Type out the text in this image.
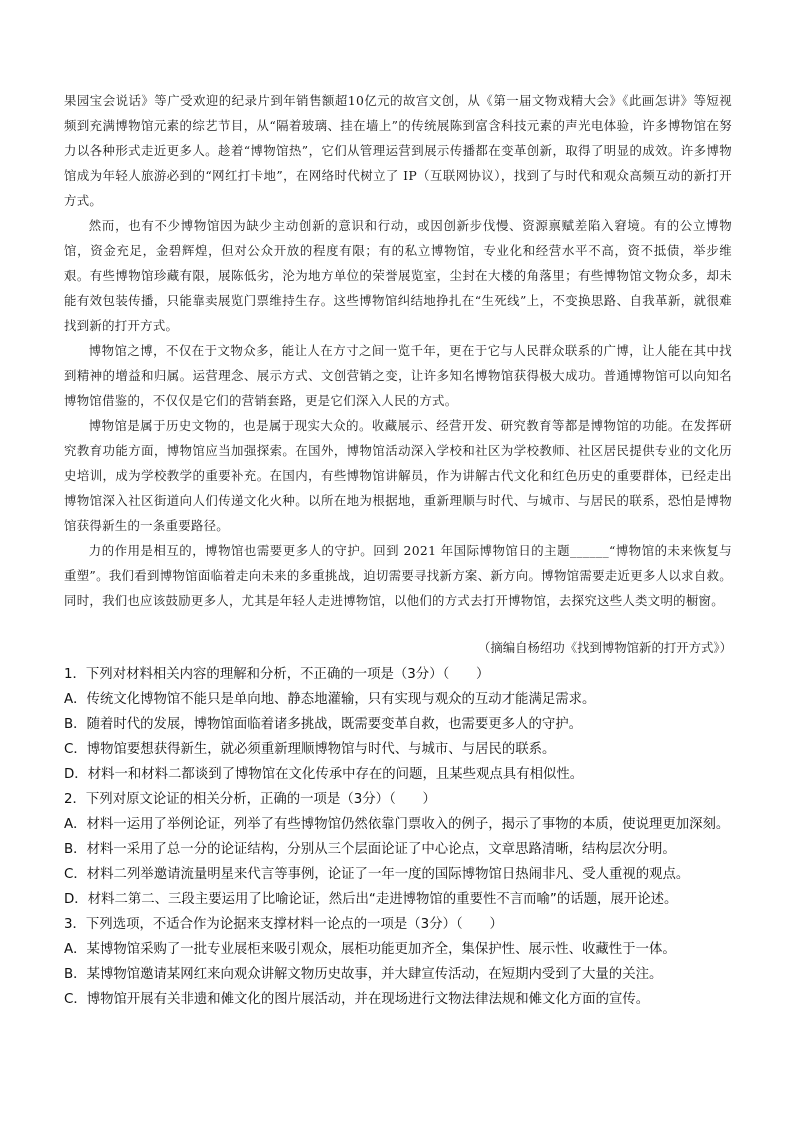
果园宝会说话》等广受欢迎的纪录片到年销售额超10亿元的故宫文创，从《第一届文物戏精大会》《此画怎讲》等短视频到充满博物馆元素的综艺节目，从“隔着玻璃、挂在墙上”的传统展陈到富含科技元素的声光电体验，许多博物馆在努力以各种形式走近更多人。趁着“博物馆热”，它们从管理运营到展示传播都在变革创新，取得了明显的成效。许多博物馆成为年轻人旅游必到的“网红打卡地”，在网络时代树立了 IP（互联网协议），找到了与时代和观众高频互动的新打开方式。

然而，也有不少博物馆因为缺少主动创新的意识和行动，或因创新步伐慢、资源禀赋差陷入窘境。有的公立博物馆，资金充足，金碧辉煌，但对公众开放的程度有限；有的私立博物馆，专业化和经营水平不高，资不抵债，举步维艰。有些博物馆珍藏有限，展陈低劣，沦为地方单位的荣誉展览室，尘封在大楼的角落里；有些博物馆文物众多，却未能有效包装传播，只能靠卖展览门票维持生存。这些博物馆纠结地挣扎在“生死线”上，不变换思路、自我革新，就很难找到新的打开方式。

博物馆之博，不仅在于文物众多，能让人在方寸之间一览千年，更在于它与人民群众联系的广博，让人能在其中找到精神的增益和归属。运营理念、展示方式、文创营销之变，让许多知名博物馆获得极大成功。普通博物馆可以向知名博物馆借鉴的，不仅仅是它们的营销套路，更是它们深入人民的方式。

博物馆是属于历史文物的，也是属于现实大众的。收藏展示、经营开发、研究教育等都是博物馆的功能。在发挥研究教育功能方面，博物馆应当加强探索。在国外，博物馆活动深入学校和社区为学校教师、社区居民提供专业的文化历史培训，成为学校教学的重要补充。在国内，有些博物馆讲解员，作为讲解古代文化和红色历史的重要群体，已经走出博物馆深入社区街道向人们传递文化火种。以所在地为根据地，重新理顺与时代、与城市、与居民的联系，恐怕是博物馆获得新生的一条重要路径。

力的作用是相互的，博物馆也需要更多人的守护。回到 2021 年国际博物馆日的主题______“博物馆的未来恢复与重塑”。我们看到博物馆面临着走向未来的多重挑战，迫切需要寻找新方案、新方向。博物馆需要走近更多人以求自救。同时，我们也应该鼓励更多人，尤其是年轻人走进博物馆，以他们的方式去打开博物馆，去探究这些人类文明的橱窗。

（摘编自杨绍功《找到博物馆新的打开方式》）

1．下列对材料相关内容的理解和分析，不正确的一项是（3分）（　　）

A．传统文化博物馆不能只是单向地、静态地灌输，只有实现与观众的互动才能满足需求。

B．随着时代的发展，博物馆面临着诸多挑战，既需要变革自救，也需要更多人的守护。

C．博物馆要想获得新生，就必须重新理顺博物馆与时代、与城市、与居民的联系。

D．材料一和材料二都谈到了博物馆在文化传承中存在的问题，且某些观点具有相似性。

2．下列对原文论证的相关分析，正确的一项是（3分）（　　）

A．材料一运用了举例论证，列举了有些博物馆仍然依靠门票收入的例子，揭示了事物的本质，使说理更加深刻。

B．材料一采用了总一分的论证结构，分别从三个层面论证了中心论点，文章思路清晰，结构层次分明。

C．材料二列举邀请流量明星来代言等事例，论证了一年一度的国际博物馆日热闹非凡、受人重视的观点。

D．材料二第二、三段主要运用了比喻论证，然后出“走进博物馆的重要性不言而喻”的话题，展开论述。

3．下列选项，不适合作为论据来支撑材料一论点的一项是（3分）（　　）

A．某博物馆采购了一批专业展柜来吸引观众，展柜功能更加齐全，集保护性、展示性、收藏性于一体。

B．某博物馆邀请某网红来向观众讲解文物历史故事，并大肆宣传活动，在短期内受到了大量的关注。

C．博物馆开展有关非遗和傩文化的图片展活动，并在现场进行文物法律法规和傩文化方面的宣传。
